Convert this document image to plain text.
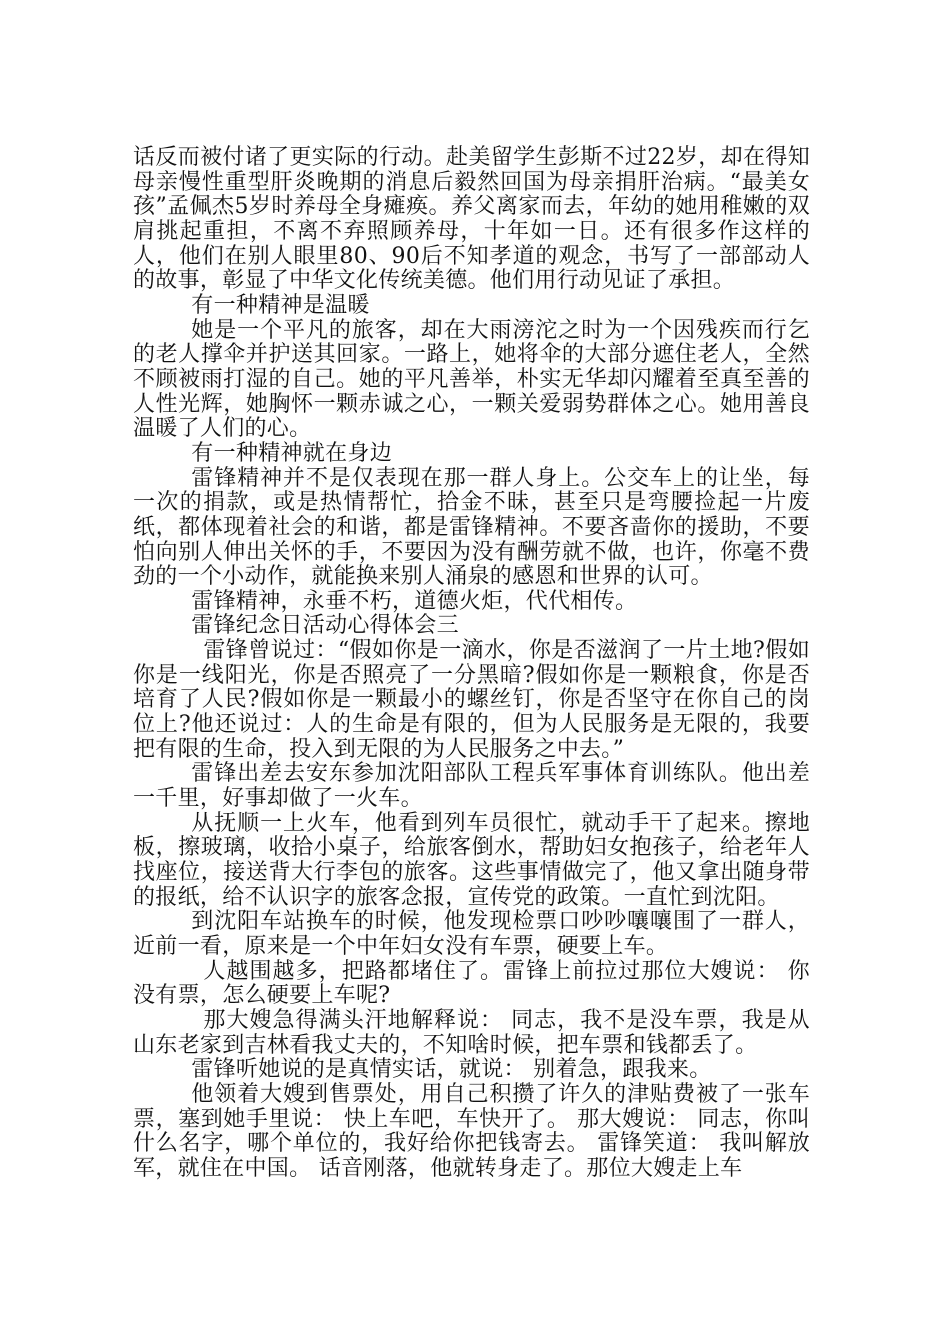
话反而被付诸了更实际的行动。赴美留学生彭斯不过22岁，却在得知母亲慢性重型肝炎晚期的消息后毅然回国为母亲捐肝治病。“最美女孩”孟佩杰5岁时养母全身瘫痪。养父离家而去，年幼的她用稚嫩的双肩挑起重担，不离不弃照顾养母，十年如一日。还有很多作这样的人，他们在别人眼里80、90后不知孝道的观念，书写了一部部动人的故事，彰显了中华文化传统美德。他们用行动见证了承担。

有一种精神是温暖

她是一个平凡的旅客，却在大雨滂沱之时为一个因残疾而行乞的老人撑伞并护送其回家。一路上，她将伞的大部分遮住老人，全然不顾被雨打湿的自己。她的平凡善举，朴实无华却闪耀着至真至善的人性光辉，她胸怀一颗赤诚之心，一颗关爱弱势群体之心。她用善良温暖了人们的心。

有一种精神就在身边

雷锋精神并不是仅表现在那一群人身上。公交车上的让坐，每一次的捐款，或是热情帮忙，拾金不昧，甚至只是弯腰捡起一片废纸，都体现着社会的和谐，都是雷锋精神。不要吝啬你的援助，不要怕向别人伸出关怀的手，不要因为没有酬劳就不做，也许，你毫不费劲的一个小动作，就能换来别人涌泉的感恩和世界的认可。

雷锋精神，永垂不朽，道德火炬，代代相传。

雷锋纪念日活动心得体会三

雷锋曾说过：“假如你是一滴水，你是否滋润了一片土地?假如你是一线阳光，你是否照亮了一分黑暗?假如你是一颗粮食，你是否培育了人民?假如你是一颗最小的螺丝钉，你是否坚守在你自己的岗位上?他还说过：人的生命是有限的，但为人民服务是无限的，我要把有限的生命，投入到无限的为人民服务之中去。”

雷锋出差去安东参加沈阳部队工程兵军事体育训练队。他出差一千里，好事却做了一火车。

从抚顺一上火车，他看到列车员很忙，就动手干了起来。擦地板，擦玻璃，收拾小桌子，给旅客倒水，帮助妇女抱孩子，给老年人找座位，接送背大行李包的旅客。这些事情做完了，他又拿出随身带的报纸，给不认识字的旅客念报，宣传党的政策。一直忙到沈阳。

到沈阳车站换车的时候，他发现检票口吵吵嚷嚷围了一群人，近前一看，原来是一个中年妇女没有车票，硬要上车。

人越围越多，把路都堵住了。雷锋上前拉过那位大嫂说： 你没有票，怎么硬要上车呢?

那大嫂急得满头汗地解释说： 同志，我不是没车票，我是从山东老家到吉林看我丈夫的，不知啥时候，把车票和钱都丢了。

雷锋听她说的是真情实话，就说： 别着急，跟我来。

他领着大嫂到售票处，用自己积攒了许久的津贴费被了一张车票，塞到她手里说： 快上车吧，车快开了。 那大嫂说： 同志，你叫什么名字，哪个单位的，我好给你把钱寄去。 雷锋笑道： 我叫解放军，就住在中国。 话音刚落，他就转身走了。那位大嫂走上车
